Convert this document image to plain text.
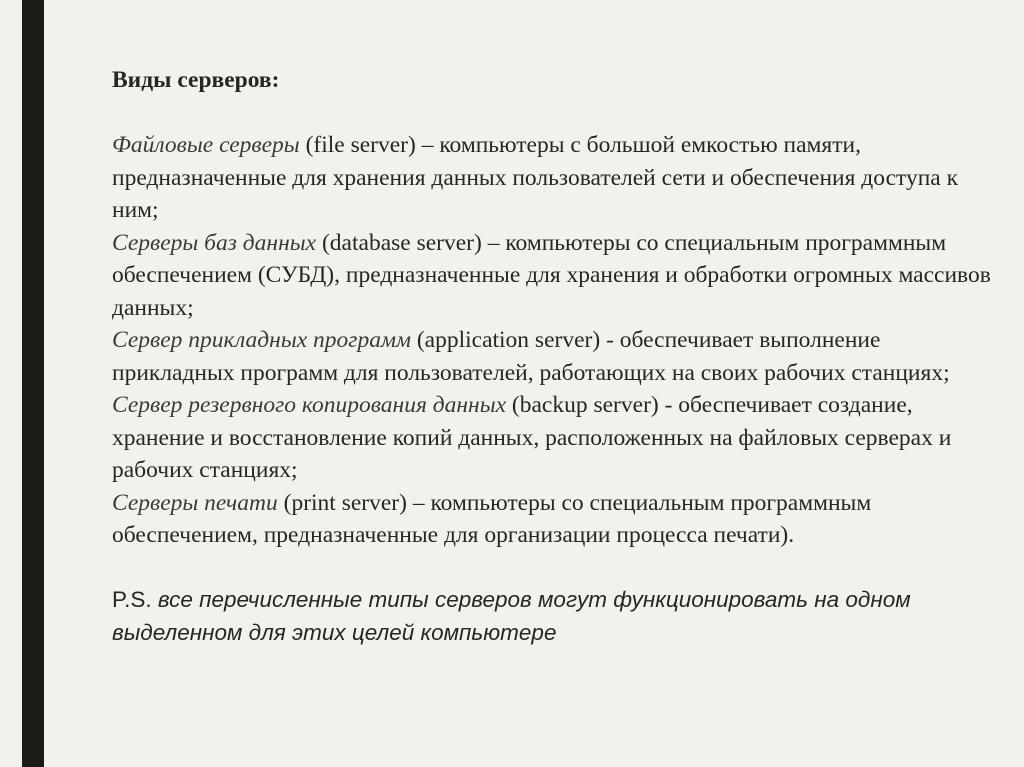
Виды серверов:

Файловые серверы (file server) – компьютеры с большой емкостью памяти, предназначенные для хранения данных пользователей сети и обеспечения доступа к ним;

Серверы баз данных (database server) – компьютеры со специальным программным обеспечением (СУБД), предназначенные для хранения и обработки огромных массивов данных;

Сервер прикладных программ (application server) - обеспечивает выполнение прикладных программ для пользователей, работающих на своих рабочих станциях;

Сервер резервного копирования данных (backup server) - обеспечивает создание, хранение и восстановление копий данных, расположенных на файловых серверах и рабочих станциях;

Серверы печати (print server) – компьютеры со специальным программным обеспечением, предназначенные для организации процесса печати).

P.S. все перечисленные типы серверов могут функционировать на одном выделенном для этих целей компьютере
